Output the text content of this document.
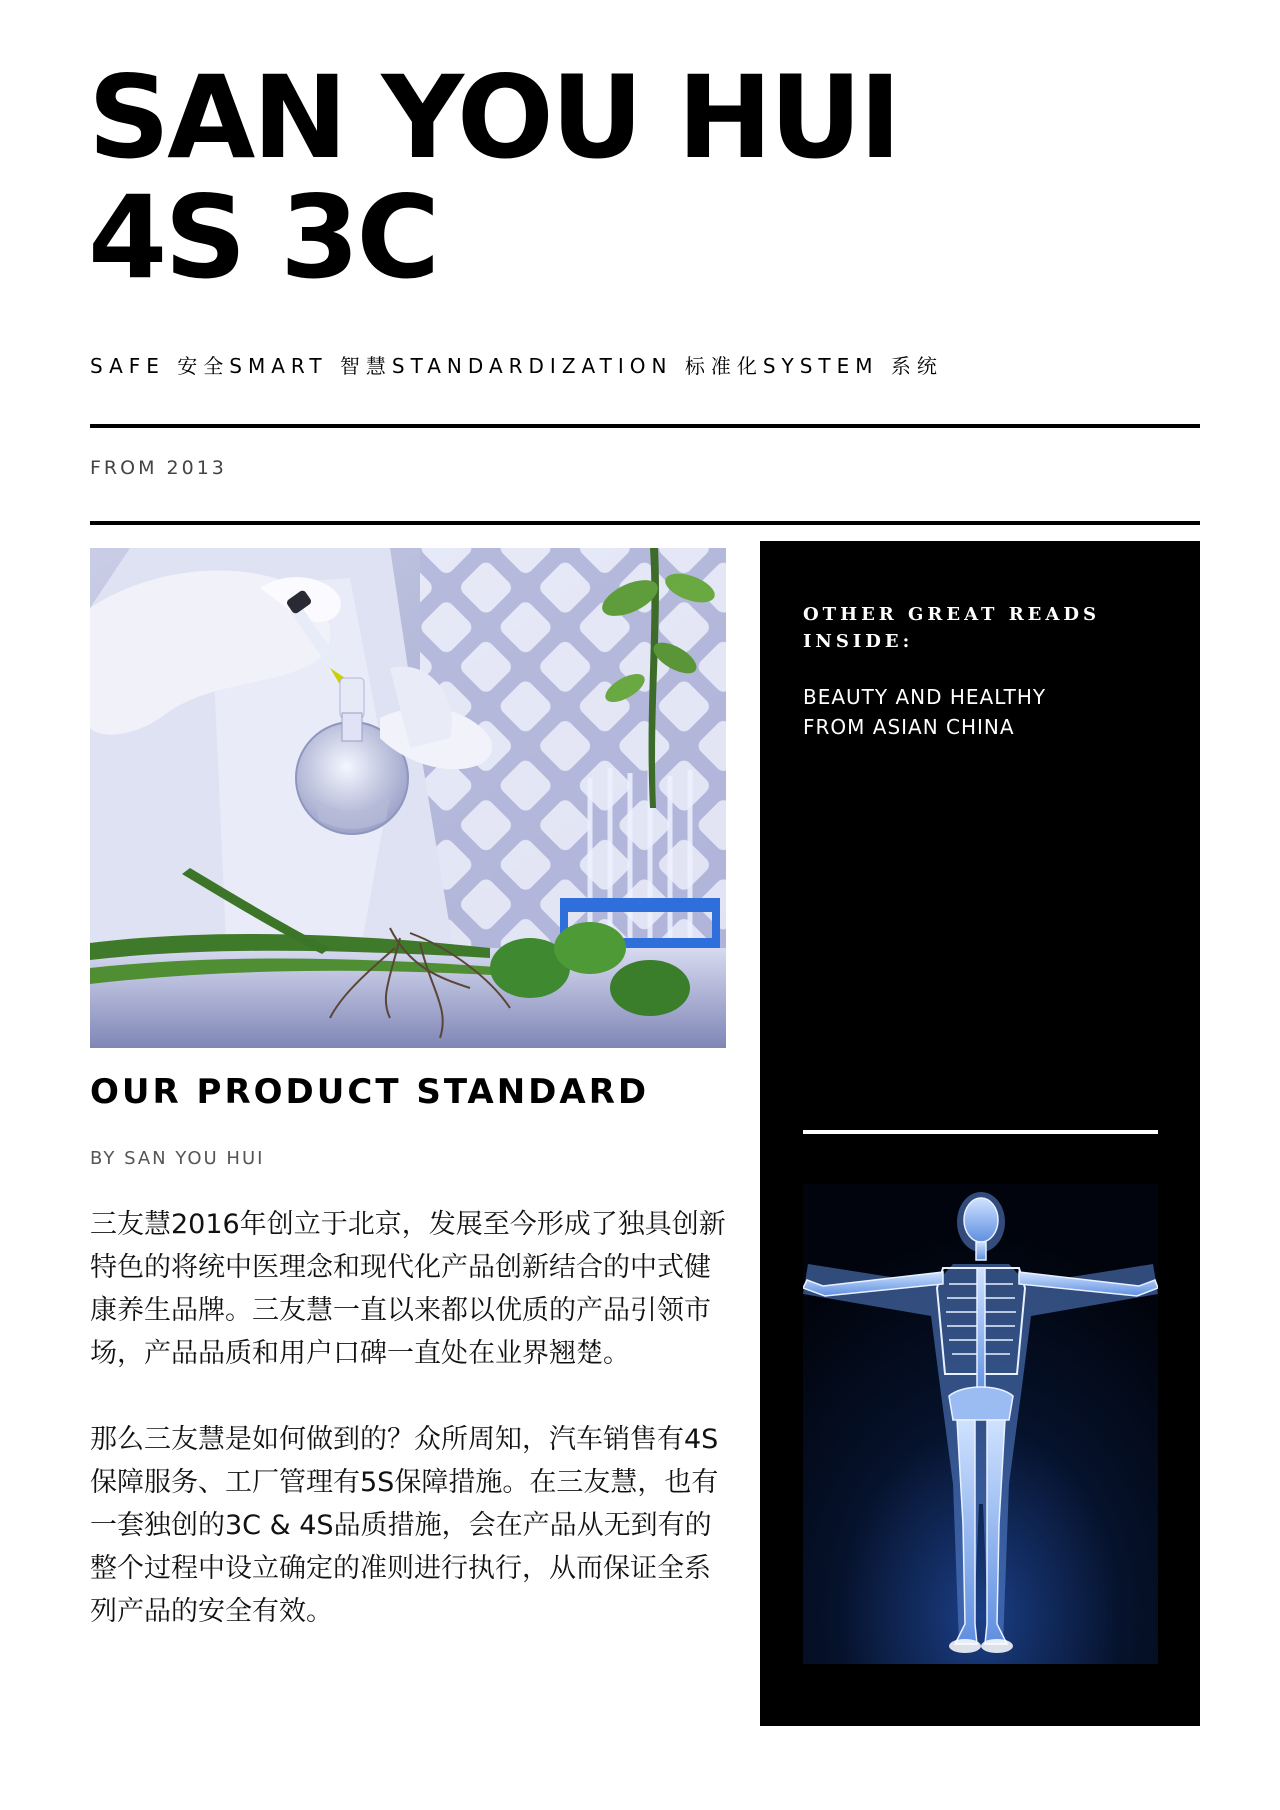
SAN YOU HUI
4S 3C
SAFE 安全SMART 智慧STANDARDIZATION 标准化SYSTEM 系统
FROM 2013
OUR PRODUCT STANDARD
BY SAN YOU HUI

三友慧2016年创立于北京，发展至今形成了独具创新特色的将统中医理念和现代化产品创新结合的中式健康养生品牌。三友慧一直以来都以优质的产品引领市场，产品品质和用户口碑一直处在业界翘楚。

那么三友慧是如何做到的？众所周知，汽车销售有4S保障服务、工厂管理有5S保障措施。在三友慧，也有一套独创的3C & 4S品质措施，会在产品从无到有的整个过程中设立确定的准则进行执行，从而保证全系列产品的安全有效。

OTHER GREAT READS
INSIDE:
BEAUTY AND HEALTHY
FROM ASIAN CHINA
